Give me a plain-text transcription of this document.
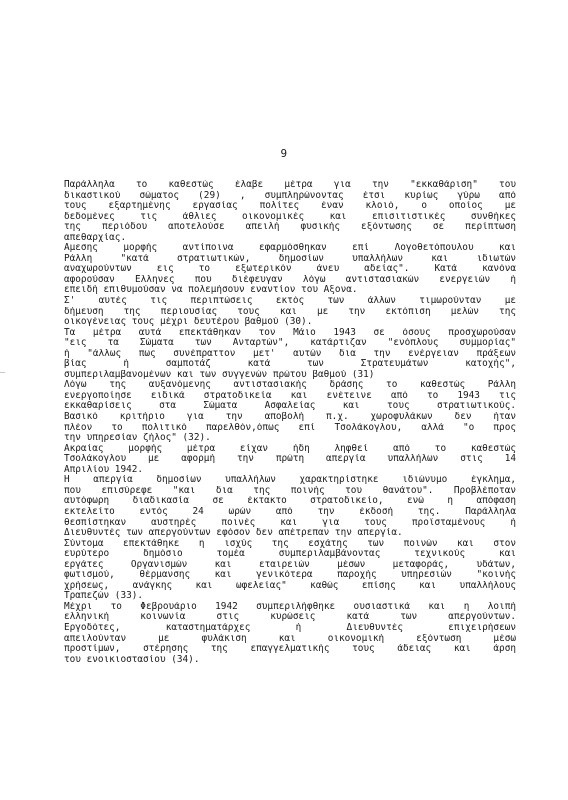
9
Παράλληλα το καθεστώς έλαβε μέτρα για την "εκκαθάριση" του
δικαστικού σώματος (29) , συμπληρώνοντας έτσι κυρίως γύρω από
τους εξαρτημένης εργασίας πολίτες έναν κλοιό, ο οποίος με
δεδομένες τις άθλιες οικονομικές και επισιτιστικές συνθήκες
της περιόδου αποτελούσε απειλή φυσικής εξόντωσης σε περίπτωση
απεθαρχίας.
Αμεσης μορφής αντίποινα εφαρμόσθηκαν επί Λογοθετόπουλου και
Ράλλη "κατά στρατιωτικών, δημοσίων υπαλλήλων και ιδιωτών
αναχωρούντων εις το εξωτερικόν άνευ αδείας". Κατά κανόνα
αφορούσαν Ελληνες που διέφευγαν λόγω αντιστασιακών ενεργειών ή
επειδή επιθυμούσαν να πολεμήσουν εναντίον του Αξονα.
Σ' αυτές τις περιπτώσεις εκτός των άλλων τιμωρούνταν με
δήμευση της περιουσίας τους και με την εκτόπιση μελών της
οικογένειας τους μέχρι δευτέρου βαθμού (30).
Τα μέτρα αυτά επεκτάθηκαν τον Μάιο 1943 σε όσους προσχωρούσαν
"εις τα Σώματα των Ανταρτών", κατάρτιζαν "ενόπλους συμμορίας"
ή "άλλως πως συνέπραττον μετ' αυτών δια την ενέργειαν πράξεων
βίας ή σαμποτάζ κατά των Στρατευμάτων κατοχής",
συμπεριλαμβανομένων και των συγγενών πρώτου βαθμού (31)
Λόγω της αυξανόμενης αντιστασιακής δράσης το καθεστώς Ράλλη
ενεργοποίησε ειδικά στρατοδικεία και ενέτεινε από το 1943 τις
εκκαθαρίσεις στα Σώματα Ασφαλείας και τους στρατιωτικούς.
Βασικό κριτήριο για την αποβολή π.χ. χωροφυλάκων δεν ήταν
πλέον το πολιτικό παρελθόν,όπως επί Τσολάκογλου, αλλά "ο προς
την υπηρεσίαν ζήλος" (32).
Ακραίας μορφής μέτρα είχαν ήδη ληφθεί από το καθεστώς
Τσολάκογλου με αφορμή την πρώτη απεργία υπαλλήλων στις 14
Απριλίου 1942.
Η απεργία δημοσίων υπαλλήλων χαρακτηρίστηκε ιδιώνυμο έγκλημα,
που επισύρεφε "και δια της ποινής του θανάτου". Προβλέποταν
αυτόφωρη διαδικασία σε έκτακτο στρατοδικείο, ενώ η απόφαση
εκτελείτο εντός 24 ωρών από την έκδοσή της. Παράλληλα
θεσπίστηκαν αυστηρές ποινές και για τους προϊσταμένους ή
Διευθυντές των απεργούντων εφόσον δεν απέτρεπαν την απεργία.
Σύντομα επεκτάθηκε η ισχύς της εσχάτης των ποινών και στον
ευρύτερο δημόσιο τομέα συμπεριλαμβάνοντας τεχνικούς και
εργάτες Οργανισμών και εταιρειών μέσων μεταφοράς, υδάτων,
φωτισμού, θέρμανσης και γενικότερα παροχής υπηρεσιών "κοινής
χρήσεως, ανάγκης και ωφελείας" καθώς επίσης και υπαλλήλους
Τραπεζών (33).
Μέχρι το Φεβρουάριο 1942 συμπεριλήφθηκε ουσιαστικά και η λοιπή
ελληνική κοινωνία στις κυρώσεις κατά των απεργούντων.
Εργοδότες, καταστηματάρχες ή Διευθυντές επιχειρήσεων
απειλούνταν με φυλάκιση και οικονομική εξόντωση μέσω
προστίμων, στέρησης της επαγγελματικής τους άδειας και άρση
του ενοικιοστασίου (34).
